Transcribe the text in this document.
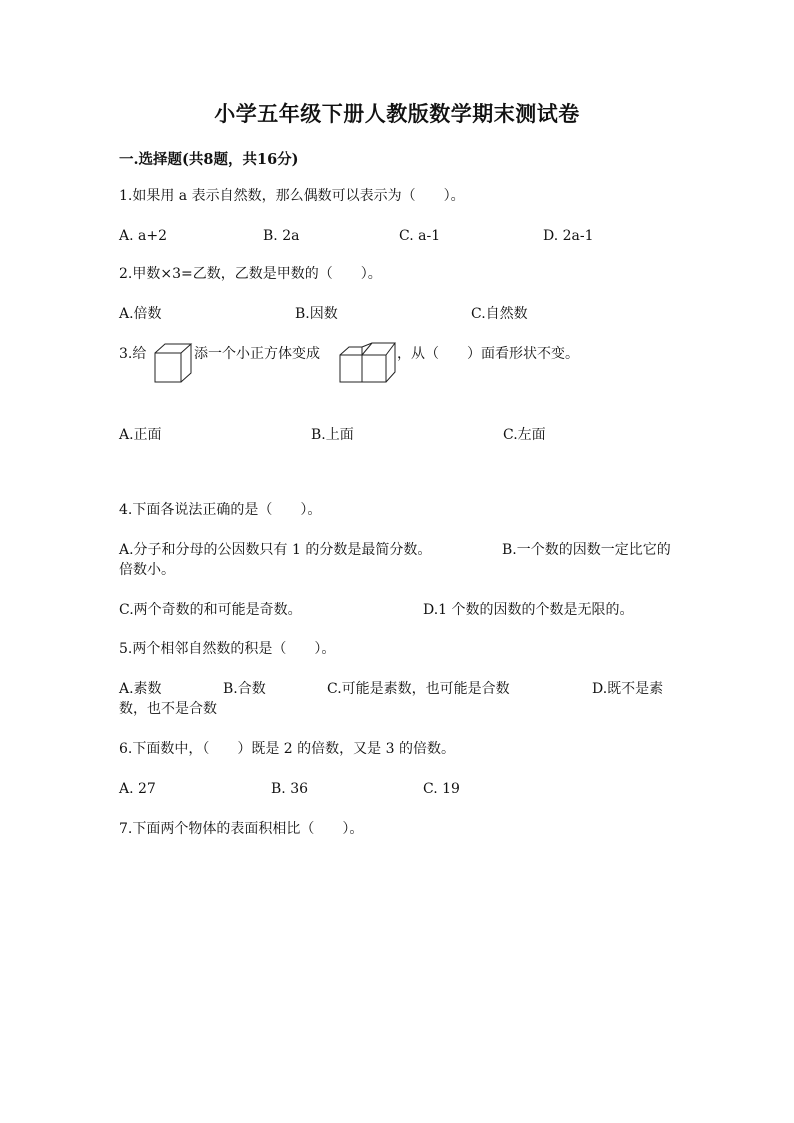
小学五年级下册人教版数学期末测试卷
一.选择题(共8题，共16分)
1.如果用 a 表示自然数，那么偶数可以表示为（　　）。
A. a+2	B. 2a	C. a-1	D. 2a-1
2.甲数×3=乙数，乙数是甲数的（　　）。
A.倍数	B.因数	C.自然数
3.给	添一个小正方体变成	，从（　　）面看形状不变。
A.正面	B.上面	C.左面
4.下面各说法正确的是（　　）。
A.分子和分母的公因数只有 1 的分数是最简分数。	B.一个数的因数一定比它的倍数小。
C.两个奇数的和可能是奇数。	D.1 个数的因数的个数是无限的。
5.两个相邻自然数的积是（　　）。
A.素数	B.合数	C.可能是素数，也可能是合数	D.既不是素数，也不是合数
6.下面数中，（　　）既是 2 的倍数，又是 3 的倍数。
A. 27	B. 36	C. 19
7.下面两个物体的表面积相比（　　）。
